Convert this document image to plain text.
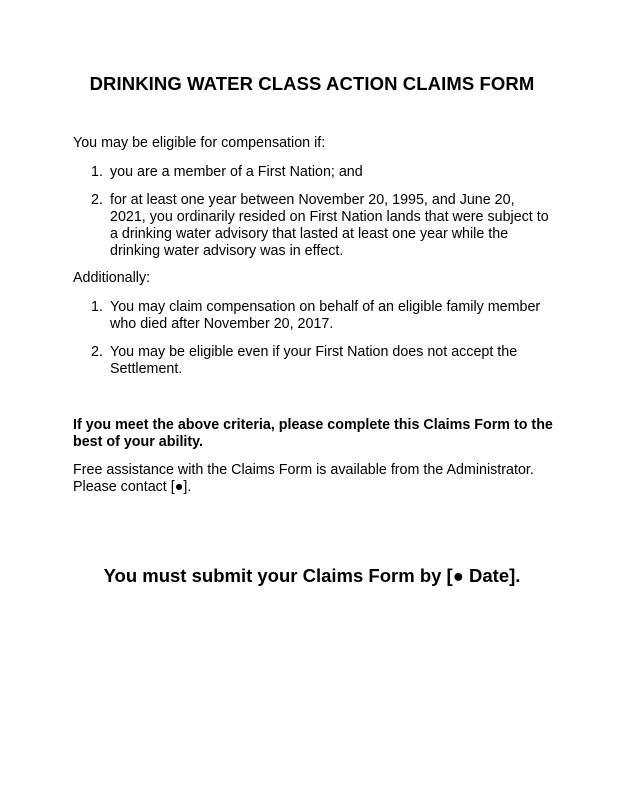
DRINKING WATER CLASS ACTION CLAIMS FORM
You may be eligible for compensation if:
1. you are a member of a First Nation; and
2. for at least one year between November 20, 1995, and June 20, 2021, you ordinarily resided on First Nation lands that were subject to a drinking water advisory that lasted at least one year while the drinking water advisory was in effect.
Additionally:
1. You may claim compensation on behalf of an eligible family member who died after November 20, 2017.
2. You may be eligible even if your First Nation does not accept the Settlement.
If you meet the above criteria, please complete this Claims Form to the best of your ability.
Free assistance with the Claims Form is available from the Administrator. Please contact [●].
You must submit your Claims Form by [● Date].
